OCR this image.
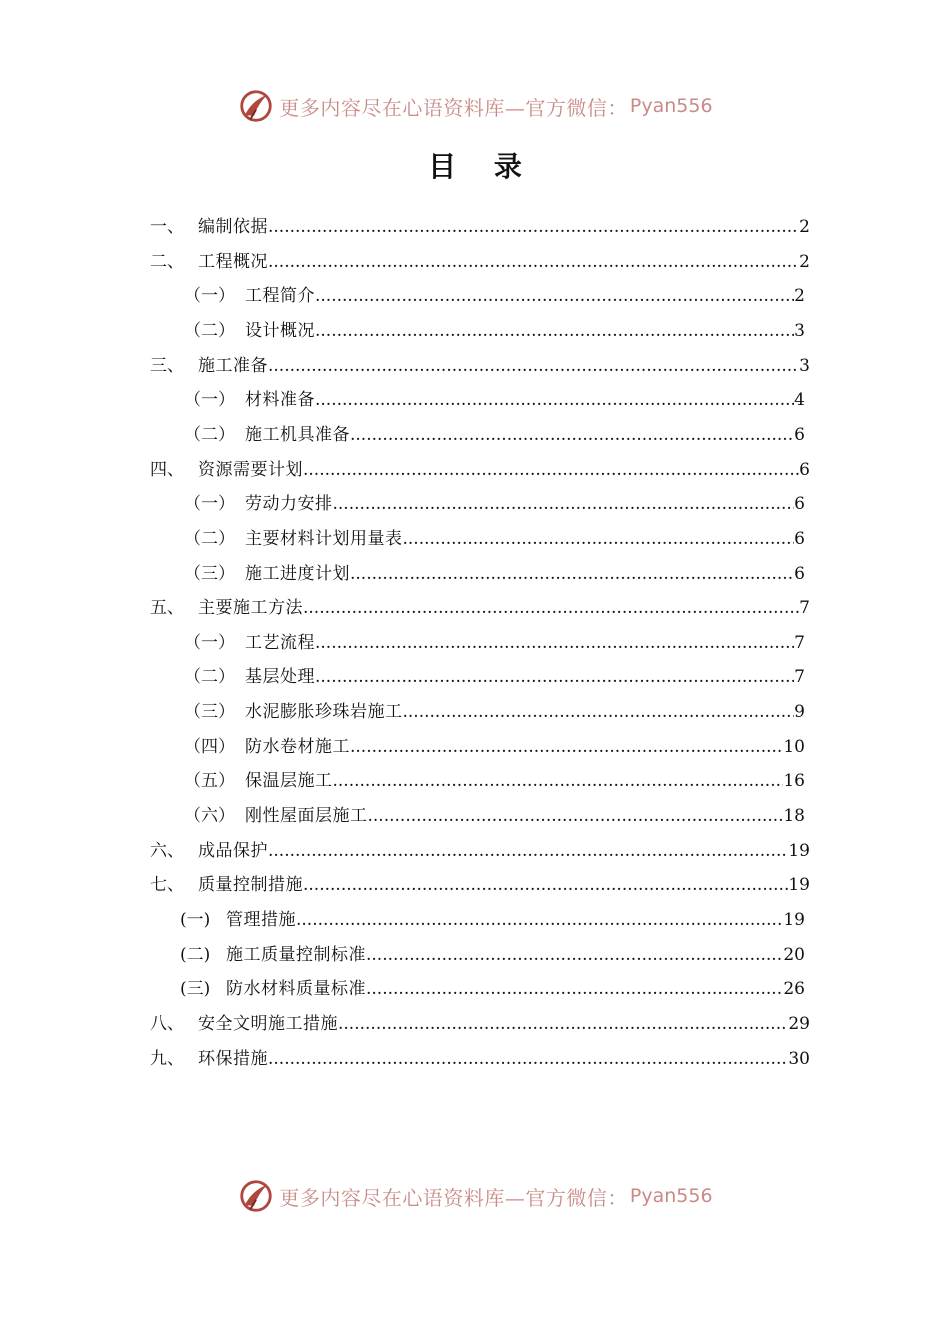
更多内容尽在心语资料库—官方微信： Pyan556
目 录
一、 编制依据 .....	2
二、 工程概况 .....	2
（一） 工程简介 .....	2
（二） 设计概况 .....	3
三、 施工准备 .....	3
（一） 材料准备 .....	4
（二） 施工机具准备 .....	6
四、 资源需要计划 .....	6
（一） 劳动力安排 .....	6
（二） 主要材料计划用量表 .....	6
（三） 施工进度计划 .....	6
五、 主要施工方法 .....	7
（一） 工艺流程 .....	7
（二） 基层处理 .....	7
（三） 水泥膨胀珍珠岩施工 .....	9
（四） 防水卷材施工 .....	10
（五） 保温层施工 .....	16
（六） 刚性屋面层施工 .....	18
六、 成品保护 .....	19
七、 质量控制措施 .....	19
(一) 管理措施 .....	19
(二) 施工质量控制标准 .....	20
(三) 防水材料质量标准 .....	26
八、 安全文明施工措施 .....	29
九、 环保措施 .....	30
更多内容尽在心语资料库—官方微信： Pyan556
